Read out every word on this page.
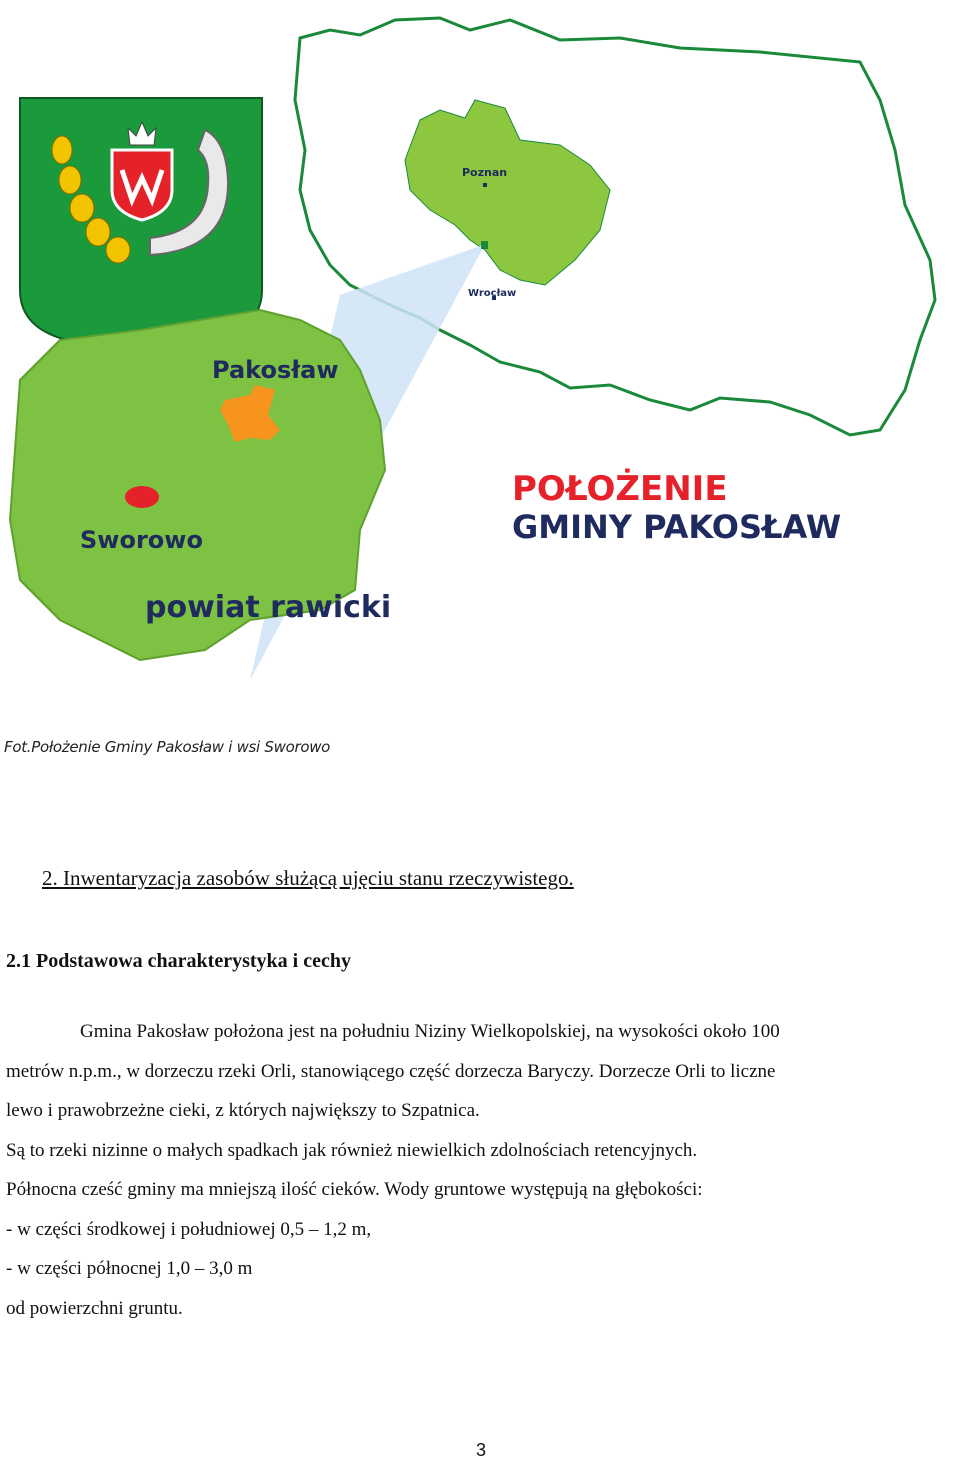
Poznan
Wrocław
Pakosław
Sworowo
powiat rawicki
POŁOŻENIE
GMINY PAKOSŁAW
Fot.Położenie Gminy Pakosław i wsi Sworowo
2. Inwentaryzacja zasobów służącą ujęciu stanu rzeczywistego.
2.1 Podstawowa charakterystyka i cechy

Gmina Pakosław położona jest na południu Niziny Wielkopolskiej, na wysokości około 100

metrów n.p.m., w dorzeczu rzeki Orli, stanowiącego część dorzecza Baryczy. Dorzecze Orli to liczne

lewo i prawobrzeżne cieki, z których największy to Szpatnica.

Są to rzeki nizinne o małych spadkach jak również niewielkich zdolnościach retencyjnych.

Północna cześć gminy ma mniejszą ilość cieków. Wody gruntowe występują na głębokości:

- w części środkowej i południowej 0,5 – 1,2 m,

- w części północnej 1,0 – 3,0 m

od powierzchni gruntu.

3
